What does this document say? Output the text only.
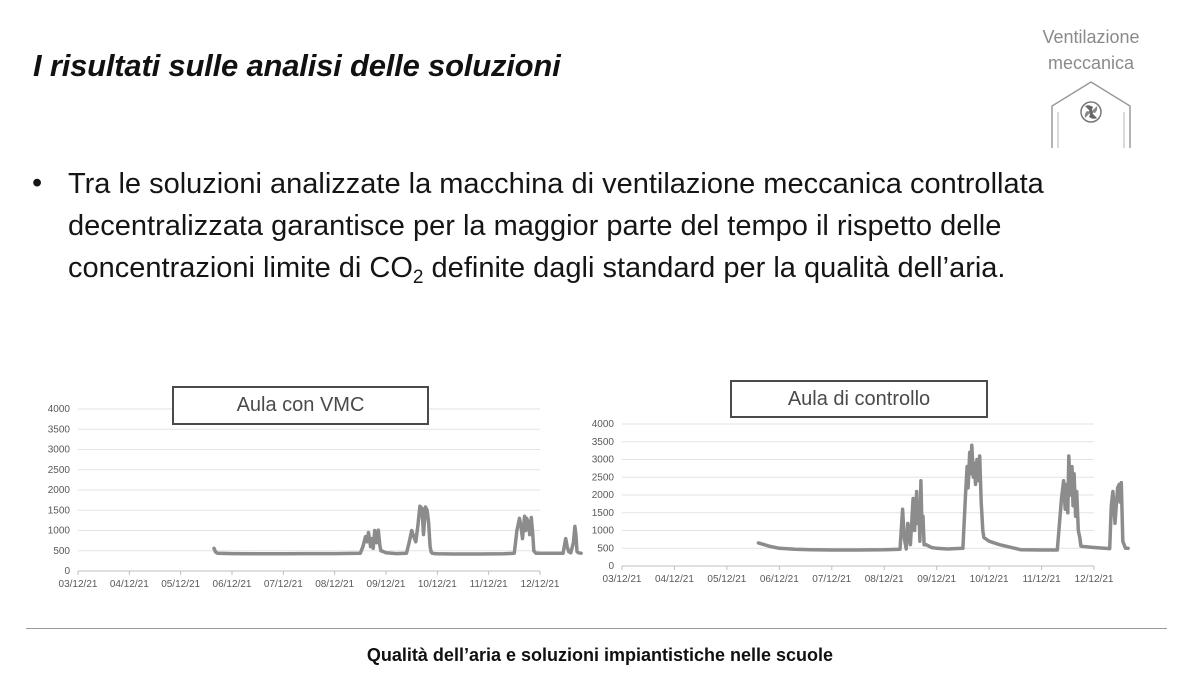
I risultati sulle analisi delle soluzioni
Ventilazione
meccanica

• Tra le soluzioni analizzate la macchina di ventilazione meccanica controllata decentralizzata garantisce per la maggior parte del tempo il rispetto delle concentrazioni limite di $CO_2$ definite dagli standard per la qualità dell’aria.

0
500
1000
1500
2000
2500
3000
3500
4000
03/12/21 04/12/21 05/12/21 06/12/21 07/12/21 08/12/21 09/12/21 10/12/21 11/12/21 12/12/21
Aula con VMC
0
500
1000
1500
2000
2500
3000
3500
4000
03/12/21 04/12/21 05/12/21 06/12/21 07/12/21 08/12/21 09/12/21 10/12/21 11/12/21 12/12/21
Aula di controllo
Qualità dell’aria e soluzioni impiantistiche nelle scuole
